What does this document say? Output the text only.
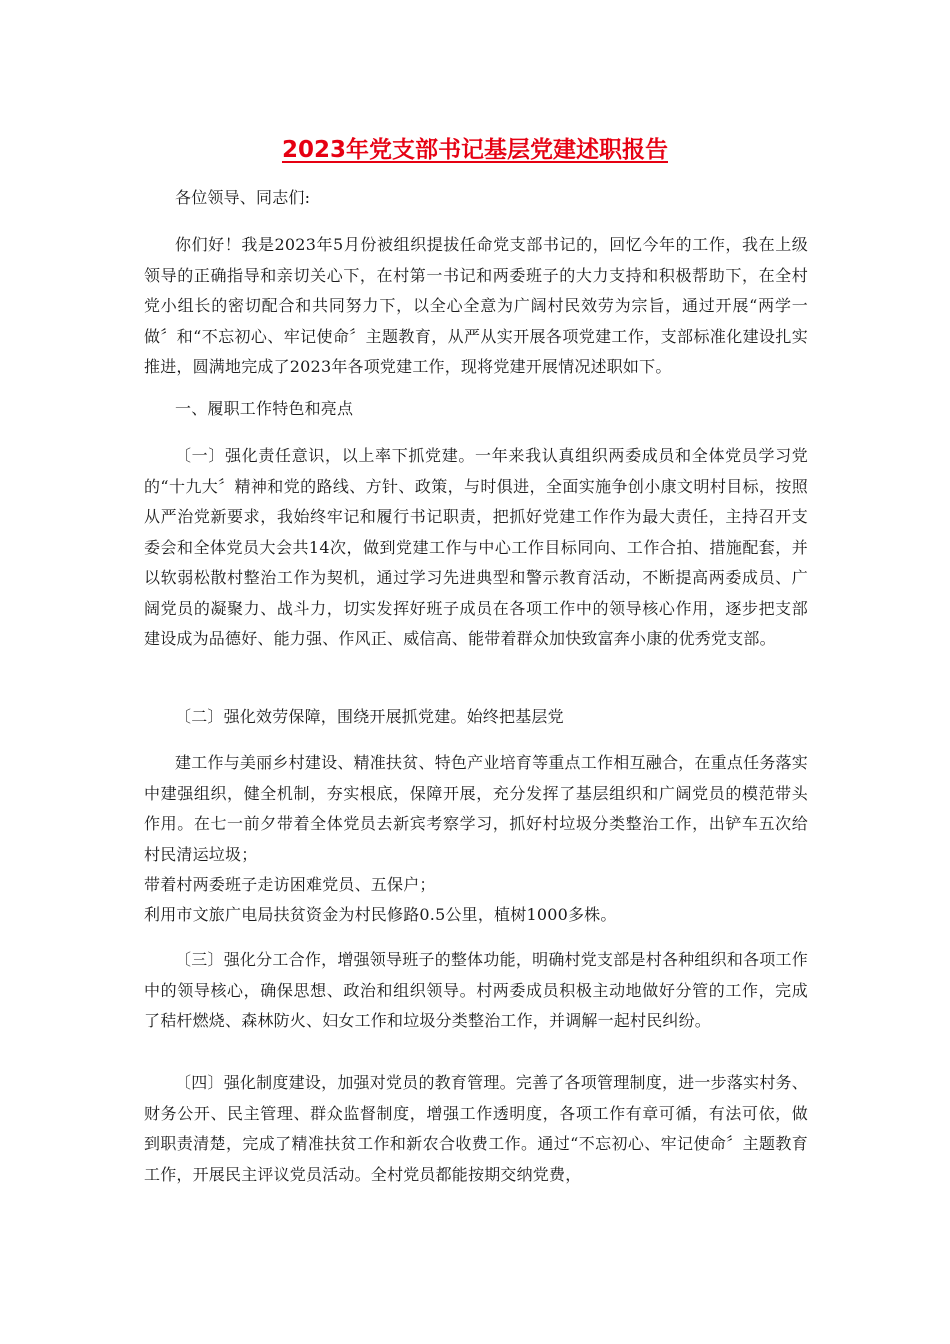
2023年党支部书记基层党建述职报告

各位领导、同志们:

你们好！我是2023年5月份被组织提拔任命党支部书记的，回忆今年的工作，我在上级领导的正确指导和亲切关心下，在村第一书记和两委班子的大力支持和积极帮助下，在全村党小组长的密切配合和共同努力下，以全心全意为广阔村民效劳为宗旨，通过开展“两学一做〞和“不忘初心、牢记使命〞主题教育，从严从实开展各项党建工作，支部标准化建设扎实推进，圆满地完成了2023年各项党建工作，现将党建开展情况述职如下。

一、履职工作特色和亮点

〔一〕强化责任意识，以上率下抓党建。一年来我认真组织两委成员和全体党员学习党的“十九大〞精神和党的路线、方针、政策，与时俱进，全面实施争创小康文明村目标，按照从严治党新要求，我始终牢记和履行书记职责，把抓好党建工作作为最大责任，主持召开支委会和全体党员大会共14次，做到党建工作与中心工作目标同向、工作合拍、措施配套，并以软弱松散村整治工作为契机，通过学习先进典型和警示教育活动，不断提高两委成员、广阔党员的凝聚力、战斗力，切实发挥好班子成员在各项工作中的领导核心作用，逐步把支部建设成为品德好、能力强、作风正、威信高、能带着群众加快致富奔小康的优秀党支部。

〔二〕强化效劳保障，围绕开展抓党建。始终把基层党

建工作与美丽乡村建设、精准扶贫、特色产业培育等重点工作相互融合，在重点任务落实中建强组织，健全机制，夯实根底，保障开展，充分发挥了基层组织和广阔党员的模范带头作用。在七一前夕带着全体党员去新宾考察学习，抓好村垃圾分类整治工作，出铲车五次给村民清运垃圾；

带着村两委班子走访困难党员、五保户；

利用市文旅广电局扶贫资金为村民修路0.5公里，植树1000多株。

〔三〕强化分工合作，增强领导班子的整体功能，明确村党支部是村各种组织和各项工作中的领导核心，确保思想、政治和组织领导。村两委成员积极主动地做好分管的工作，完成了秸杆燃烧、森林防火、妇女工作和垃圾分类整治工作，并调解一起村民纠纷。

〔四〕强化制度建设，加强对党员的教育管理。完善了各项管理制度，进一步落实村务、财务公开、民主管理、群众监督制度，增强工作透明度，各项工作有章可循，有法可依，做到职责清楚，完成了精准扶贫工作和新农合收费工作。通过“不忘初心、牢记使命〞主题教育工作，开展民主评议党员活动。全村党员都能按期交纳党费，
